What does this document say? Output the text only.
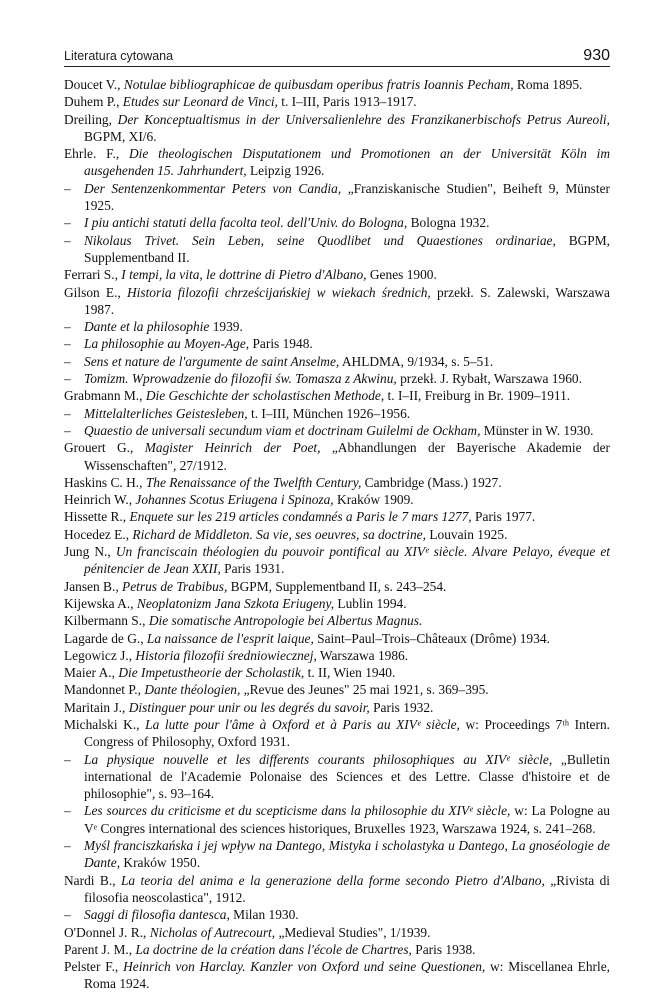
Literatura cytowana	930

Doucet V., Notulae bibliographicae de quibusdam operibus fratris Ioannis Pecham, Roma 1895.

Duhem P., Etudes sur Leonard de Vinci, t. I–III, Paris 1913–1917.

Dreiling, Der Konceptualtismus in der Universalienlehre des Franzikanerbischofs Petrus Aureoli, BGPM, XI/6.

Ehrle. F., Die theologischen Disputationem und Promotionen an der Universität Köln im ausgehenden 15. Jahrhundert, Leipzig 1926.

– Der Sentenzenkommentar Peters von Candia, „Franziskanische Studien", Beiheft 9, Münster 1925.

– I piu antichi statuti della facolta teol. dell'Univ. do Bologna, Bologna 1932.

– Nikolaus Trivet. Sein Leben, seine Quodlibet und Quaestiones ordinariae, BGPM, Supplementband II.

Ferrari S., I tempi, la vita, le dottrine di Pietro d'Albano, Genes 1900.

Gilson E., Historia filozofii chrześcijańskiej w wiekach średnich, przekł. S. Zalewski, Warszawa 1987.

– Dante et la philosophie 1939.

– La philosophie au Moyen-Age, Paris 1948.

– Sens et nature de l'argumente de saint Anselme, AHLDMA, 9/1934, s. 5–51.

– Tomizm. Wprowadzenie do filozofii św. Tomasza z Akwinu, przekł. J. Rybałt, Warszawa 1960.

Grabmann M., Die Geschichte der scholastischen Methode, t. I–II, Freiburg in Br. 1909–1911.

– Mittelalterliches Geistesleben, t. I–III, München 1926–1956.

– Quaestio de universali secundum viam et doctrinam Guilelmi de Ockham, Münster in W. 1930.

Grouert G., Magister Heinrich der Poet, „Abhandlungen der Bayerische Akademie der Wissenschaften", 27/1912.

Haskins C. H., The Renaissance of the Twelfth Century, Cambridge (Mass.) 1927.

Heinrich W., Johannes Scotus Eriugena i Spinoza, Kraków 1909.

Hissette R., Enquete sur les 219 articles condamnés a Paris le 7 mars 1277, Paris 1977.

Hocedez E., Richard de Middleton. Sa vie, ses oeuvres, sa doctrine, Louvain 1925.

Jung N., Un franciscain théologien du pouvoir pontifical au XIVᵉ siècle. Alvare Pelayo, éveque et pénitencier de Jean XXII, Paris 1931.

Jansen B., Petrus de Trabibus, BGPM, Supplementband II, s. 243–254.

Kijewska A., Neoplatonizm Jana Szkota Eriugeny, Lublin 1994.

Kilbermann S., Die somatische Antropologie bei Albertus Magnus.

Lagarde de G., La naissance de l'esprit laique, Saint–Paul–Trois–Châteaux (Drôme) 1934.

Legowicz J., Historia filozofii średniowiecznej, Warszawa 1986.

Maier A., Die Impetustheorie der Scholastik, t. II, Wien 1940.

Mandonnet P., Dante théologien, „Revue des Jeunes" 25 mai 1921, s. 369–395.

Maritain J., Distinguer pour unir ou les degrés du savoir, Paris 1932.

Michalski K., La lutte pour l'âme à Oxford et à Paris au XIVᵉ siècle, w: Proceedings 7ᵗʰ Intern. Congress of Philosophy, Oxford 1931.

– La physique nouvelle et les differents courants philosophiques au XIVᵉ siècle, „Bulletin international de l'Academie Polonaise des Sciences et des Lettre. Classe d'histoire et de philosophie", s. 93–164.

– Les sources du criticisme et du scepticisme dans la philosophie du XIVᵉ siècle, w: La Pologne au Vᵉ Congres international des sciences historiques, Bruxelles 1923, Warszawa 1924, s. 241–268.

– Myśl franciszkańska i jej wpływ na Dantego, Mistyka i scholastyka u Dantego, La gnoséologie de Dante, Kraków 1950.

Nardi B., La teoria del anima e la generazione della forme secondo Pietro d'Albano, „Rivista di filosofia neoscolastica", 1912.

– Saggi di filosofia dantesca, Milan 1930.

O'Donnel J. R., Nicholas of Autrecourt, „Medieval Studies", 1/1939.

Parent J. M., La doctrine de la création dans l'école de Chartres, Paris 1938.

Pelster F., Heinrich von Harclay. Kanzler von Oxford und seine Questionen, w: Miscellanea Ehrle, Roma 1924.
